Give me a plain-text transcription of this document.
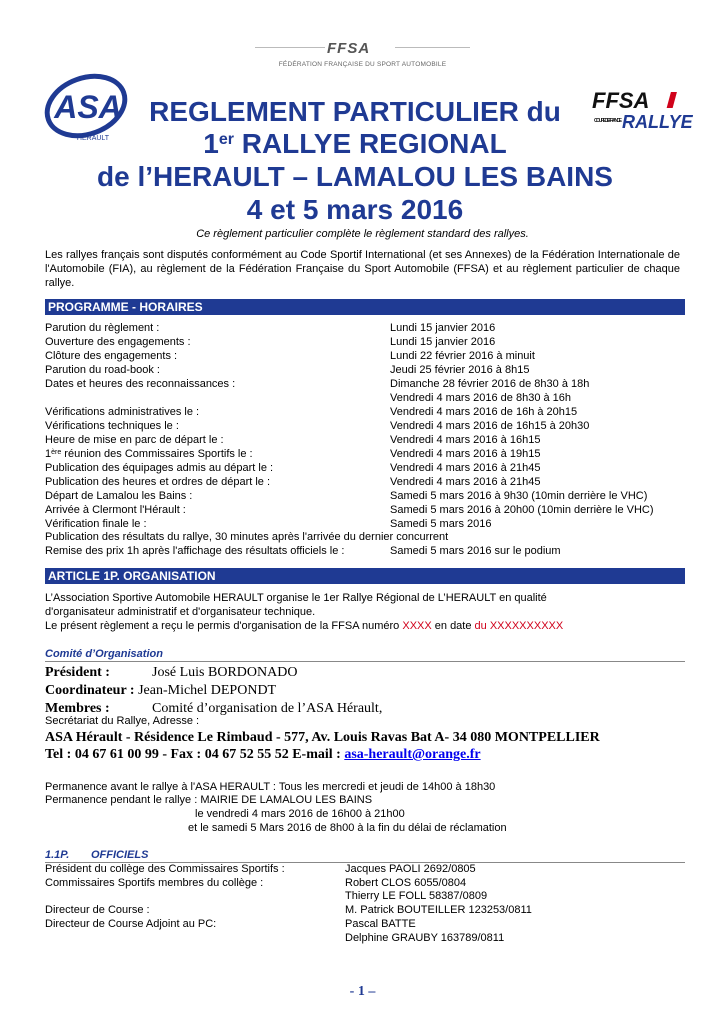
FFSA
FÉDÉRATION FRANÇAISE DU SPORT AUTOMOBILE
ASA
HÉRAULT
FFSA
COUPE DE FRANCE RALLYE
REGLEMENT PARTICULIER du
1er RALLYE REGIONAL
de l’HERAULT – LAMALOU LES BAINS
4 et 5 mars 2016
Ce règlement particulier complète le règlement standard des rallyes.
Les rallyes français sont disputés conformément au Code Sportif International (et ses Annexes) de la Fédération Internationale de l'Automobile (FIA), au règlement de la Fédération Française du Sport Automobile (FFSA) et au règlement particulier de chaque rallye.
PROGRAMME - HORAIRES
Parution du règlement :	Lundi 15 janvier 2016
Ouverture des engagements :	Lundi 15 janvier 2016
Clôture des engagements :	Lundi 22 février 2016 à minuit
Parution du road-book :	Jeudi 25 février 2016 à 8h15
Dates et heures des reconnaissances :	Dimanche 28 février 2016 de 8h30 à 18h
Vendredi 4 mars 2016 de 8h30 à 16h
Vérifications administratives le :	Vendredi 4 mars 2016 de 16h à 20h15
Vérifications techniques le :	Vendredi 4 mars 2016 de 16h15 à 20h30
Heure de mise en parc de départ le :	Vendredi 4 mars 2016 à 16h15
1ère réunion des Commissaires Sportifs le :	Vendredi 4 mars 2016 à 19h15
Publication des équipages admis au départ le :	Vendredi 4 mars 2016 à 21h45
Publication des heures et ordres de départ le :	Vendredi 4 mars 2016 à 21h45
Départ de Lamalou les Bains :	Samedi 5 mars 2016 à 9h30 (10min derrière le VHC)
Arrivée à Clermont l'Hérault :	Samedi 5 mars 2016 à 20h00 (10min derrière le VHC)
Vérification finale le :	Samedi 5 mars 2016
Publication des résultats du rallye, 30 minutes après l'arrivée du dernier concurrent
Remise des prix 1h après l'affichage des résultats officiels le :	Samedi 5 mars 2016 sur le podium
ARTICLE 1P. ORGANISATION
L’Association Sportive Automobile HERAULT organise le 1er Rallye Régional de L’HERAULT en qualité
d'organisateur administratif et d'organisateur technique.
Le présent règlement a reçu le permis d'organisation de la FFSA numéro XXXX en date du XXXXXXXXXX
Comité d’Organisation
Président :	José Luis BORDONADO
Coordinateur : Jean-Michel DEPONDT
Membres :	Comité d’organisation de l’ASA Hérault,
Secrétariat du Rallye, Adresse :
ASA Hérault - Résidence Le Rimbaud - 577, Av. Louis Ravas Bat A- 34 080 MONTPELLIER
Tel : 04 67 61 00 99 - Fax : 04 67 52 55 52 E-mail : asa-herault@orange.fr
Permanence avant le rallye à l'ASA HERAULT : Tous les mercredi et jeudi de 14h00 à 18h30
Permanence pendant le rallye : MAIRIE DE LAMALOU LES BAINS
le vendredi 4 mars 2016 de 16h00 à 21h00
et le samedi 5 Mars 2016 de 8h00 à la fin du délai de réclamation
1.1P. OFFICIELS
Président du collège des Commissaires Sportifs :	Jacques PAOLI 2692/0805
Commissaires Sportifs membres du collège :	Robert CLOS 6055/0804
Thierry LE FOLL 58387/0809
Directeur de Course :	M. Patrick BOUTEILLER 123253/0811
Directeur de Course Adjoint au PC:	Pascal BATTE
Delphine GRAUBY 163789/0811
- 1 –
